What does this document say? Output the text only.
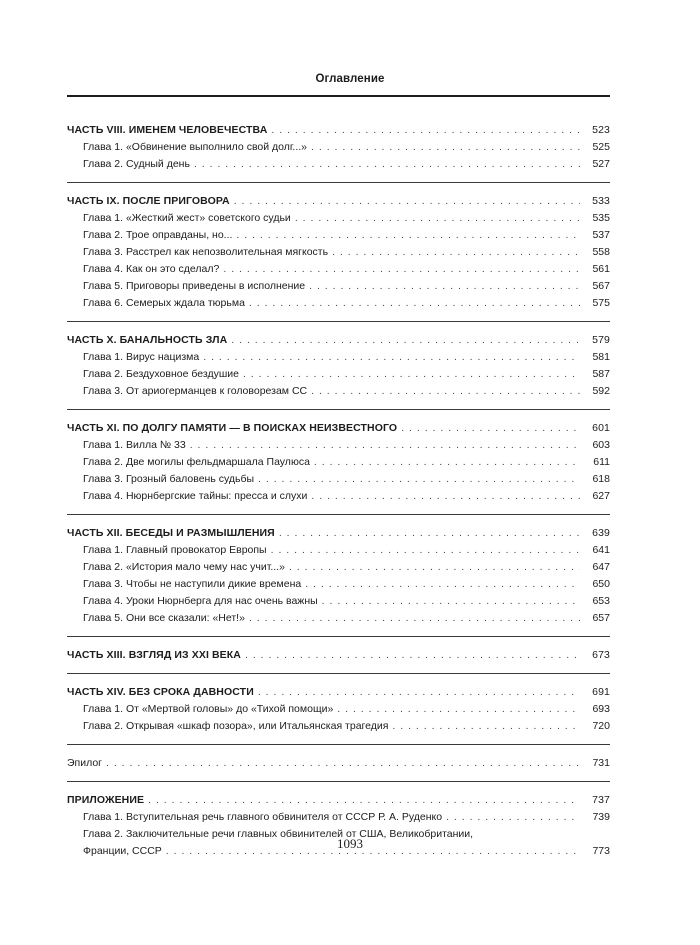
Оглавление
ЧАСТЬ VIII. ИМЕНЕМ ЧЕЛОВЕЧЕСТВА . . .	523
Глава 1. «Обвинение выполнило свой долг...» . . .	525
Глава 2. Судный день . . .	527
ЧАСТЬ IX. ПОСЛЕ ПРИГОВОРА . . .	533
Глава 1. «Жесткий жест» советского судьи . . .	535
Глава 2. Трое оправданы, но... . . .	537
Глава 3. Расстрел как непозволительная мягкость . . .	558
Глава 4. Как он это сделал? . . .	561
Глава 5. Приговоры приведены в исполнение . . .	567
Глава 6. Семерых ждала тюрьма . . .	575
ЧАСТЬ X. БАНАЛЬНОСТЬ ЗЛА . . .	579
Глава 1. Вирус нацизма . . .	581
Глава 2. Бездуховное бездушие . . .	587
Глава 3. От ариогерманцев к головорезам СС . . .	592
ЧАСТЬ XI. ПО ДОЛГУ ПАМЯТИ — В ПОИСКАХ НЕИЗВЕСТНОГО . . .	601
Глава 1. Вилла № 33 . . .	603
Глава 2. Две могилы фельдмаршала Паулюса . . .	611
Глава 3. Грозный баловень судьбы . . .	618
Глава 4. Нюрнбергские тайны: пресса и слухи . . .	627
ЧАСТЬ XII. БЕСЕДЫ И РАЗМЫШЛЕНИЯ . . .	639
Глава 1. Главный провокатор Европы . . .	641
Глава 2. «История мало чему нас учит...» . . .	647
Глава 3. Чтобы не наступили дикие времена . . .	650
Глава 4. Уроки Нюрнберга для нас очень важны . . .	653
Глава 5. Они все сказали: «Нет!» . . .	657
ЧАСТЬ XIII. ВЗГЛЯД ИЗ XXI ВЕКА . . .	673
ЧАСТЬ XIV. БЕЗ СРОКА ДАВНОСТИ . . .	691
Глава 1. От «Мертвой головы» до «Тихой помощи» . . .	693
Глава 2. Открывая «шкаф позора», или Итальянская трагедия . . .	720
Эпилог . . .	731
ПРИЛОЖЕНИЕ . . .	737
Глава 1. Вступительная речь главного обвинителя от СССР Р. А. Руденко . . .	739
Глава 2. Заключительные речи главных обвинителей от США, Великобритании,
Франции, СССР . . .	773
1093
